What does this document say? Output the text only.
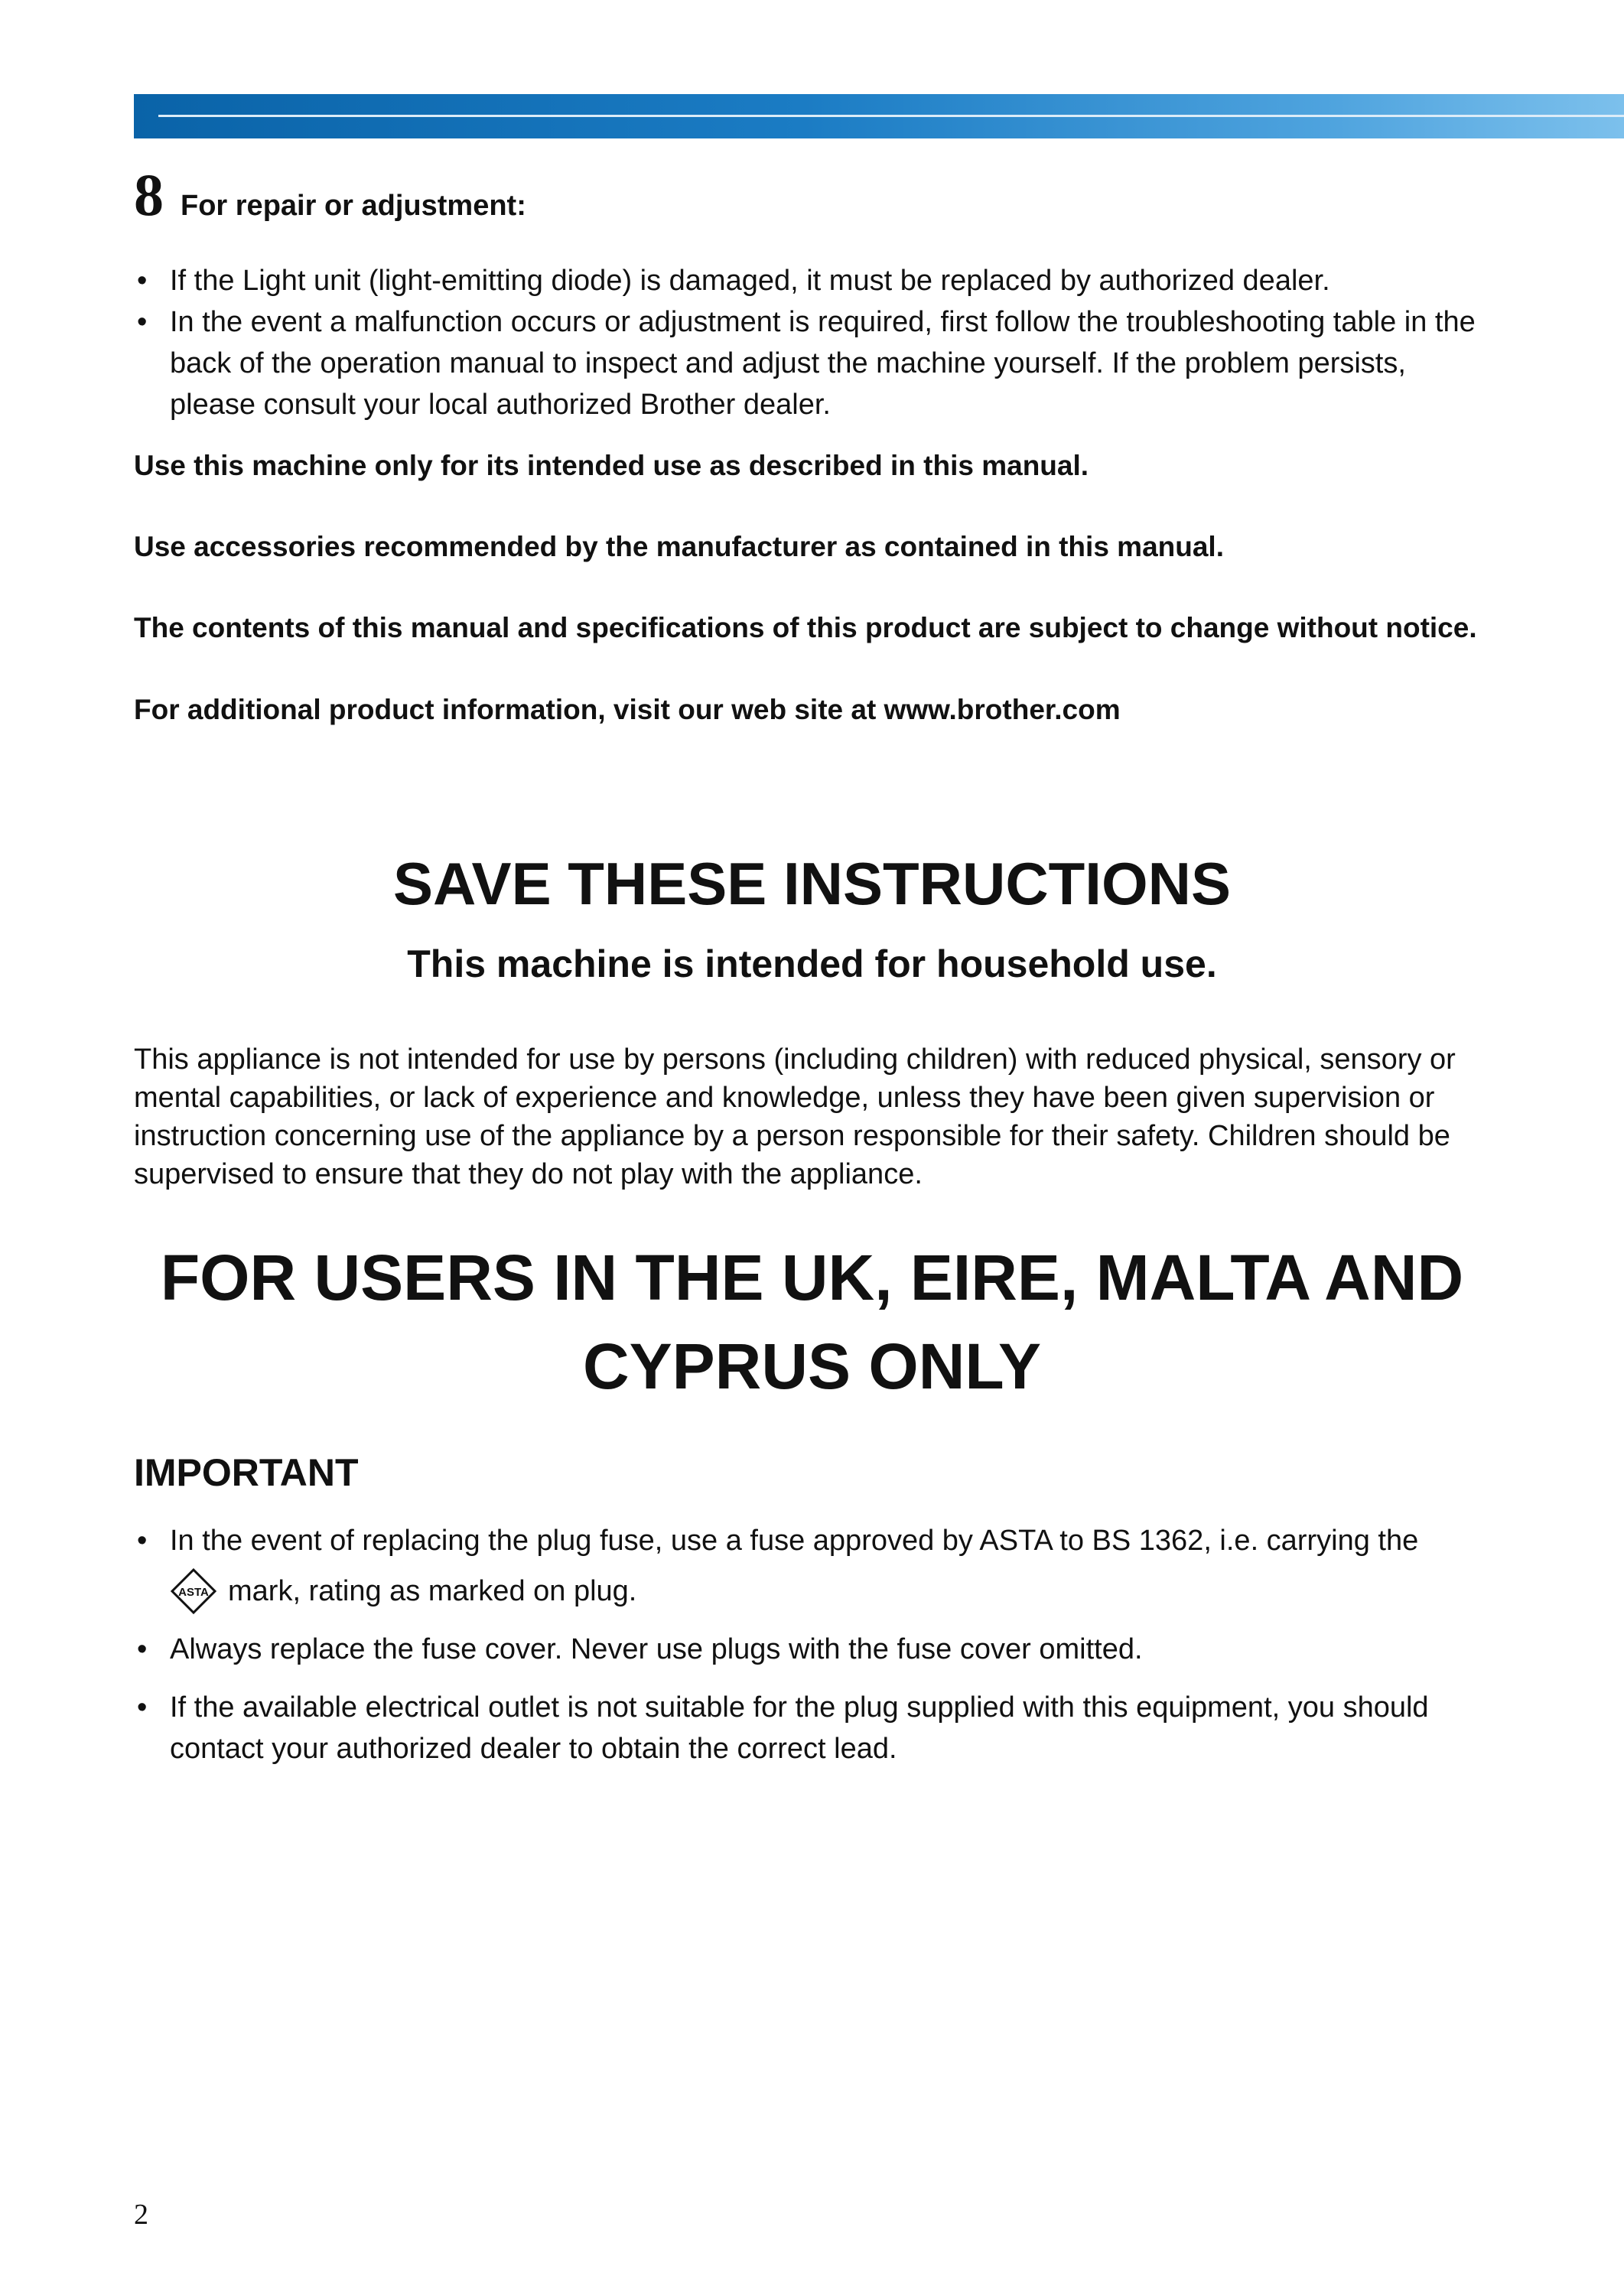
8 For repair or adjustment:
• If the Light unit (light-emitting diode) is damaged, it must be replaced by authorized dealer.
• In the event a malfunction occurs or adjustment is required, first follow the troubleshooting table in the back of the operation manual to inspect and adjust the machine yourself. If the problem persists, please consult your local authorized Brother dealer.
Use this machine only for its intended use as described in this manual.
Use accessories recommended by the manufacturer as contained in this manual.
The contents of this manual and specifications of this product are subject to change without notice.
For additional product information, visit our web site at www.brother.com
SAVE THESE INSTRUCTIONS
This machine is intended for household use.
This appliance is not intended for use by persons (including children) with reduced physical, sensory or mental capabilities, or lack of experience and knowledge, unless they have been given supervision or instruction concerning use of the appliance by a person responsible for their safety. Children should be supervised to ensure that they do not play with the appliance.
FOR USERS IN THE UK, EIRE, MALTA AND
CYPRUS ONLY
IMPORTANT
• In the event of replacing the plug fuse, use a fuse approved by ASTA to BS 1362, i.e. carrying the
ASTA mark, rating as marked on plug.
• Always replace the fuse cover. Never use plugs with the fuse cover omitted.
• If the available electrical outlet is not suitable for the plug supplied with this equipment, you should contact your authorized dealer to obtain the correct lead.
2
